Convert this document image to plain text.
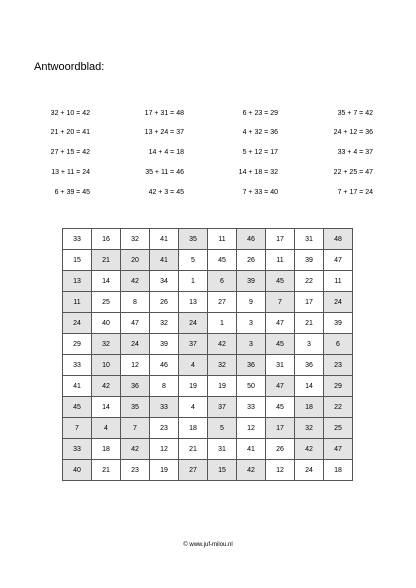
Antwoordblad:
32 + 10 = 42	17 + 31 = 48	6 + 23 = 29	35 + 7 = 42
21 + 20 = 41	13 + 24 = 37	4 + 32 = 36	24 + 12 = 36
27 + 15 = 42	14 + 4 = 18	5 + 12 = 17	33 + 4 = 37
13 + 11 = 24	35 + 11 = 46	14 + 18 = 32	22 + 25 = 47
6 + 39 = 45	42 + 3 = 45	7 + 33 = 40	7 + 17 = 24
33	16	32	41	35	11	46	17	31	48
15	21	20	41	5	45	26	11	39	47
13	14	42	34	1	6	39	45	22	11
11	25	8	26	13	27	9	7	17	24
24	40	47	32	24	1	3	47	21	39
29	32	24	39	37	42	3	45	3	6
33	10	12	46	4	32	36	31	36	23
41	42	36	8	19	19	50	47	14	29
45	14	35	33	4	37	33	45	18	22
7	4	7	23	18	5	12	17	32	25
33	18	42	12	21	31	41	26	42	47
40	21	23	19	27	15	42	12	24	18
© www.juf-milou.nl
